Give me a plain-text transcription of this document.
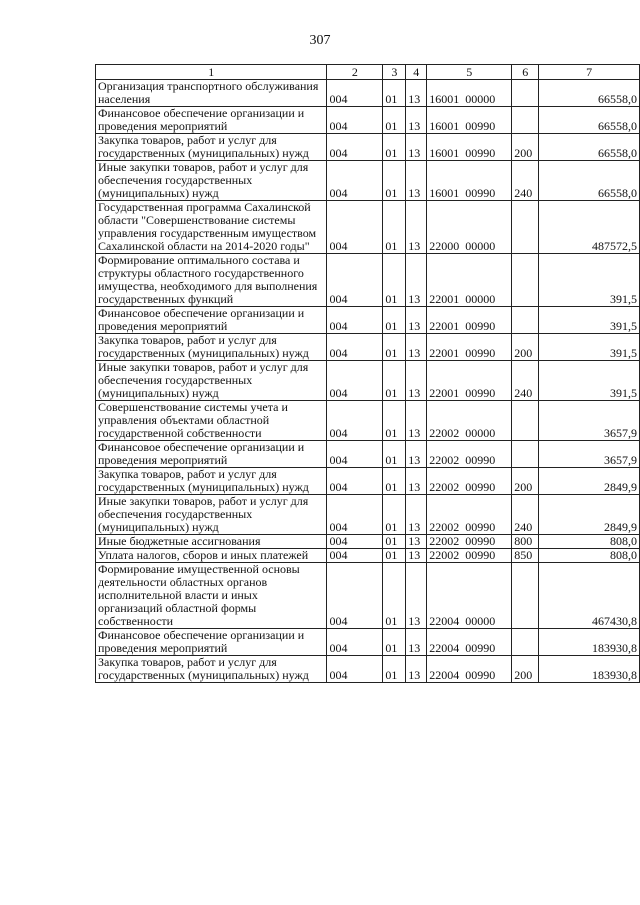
307
1	2	3	4	5	6	7
Организация транспортного обслуживания населения	004	01	13	16001  00000		66558,0
Финансовое обеспечение организации и проведения мероприятий	004	01	13	16001  00990		66558,0
Закупка товаров, работ и услуг для государственных (муниципальных) нужд	004	01	13	16001  00990	200	66558,0
Иные закупки товаров, работ и услуг для обеспечения государственных (муниципальных) нужд	004	01	13	16001  00990	240	66558,0
Государственная программа Сахалинской области "Совершенствование системы управления государственным имуществом Сахалинской области на 2014-2020 годы"	004	01	13	22000  00000		487572,5
Формирование оптимального состава и структуры областного государственного имущества, необходимого для выполнения государственных функций	004	01	13	22001  00000		391,5
Финансовое обеспечение организации и проведения мероприятий	004	01	13	22001  00990		391,5
Закупка товаров, работ и услуг для государственных (муниципальных) нужд	004	01	13	22001  00990	200	391,5
Иные закупки товаров, работ и услуг для обеспечения государственных (муниципальных) нужд	004	01	13	22001  00990	240	391,5
Совершенствование системы учета и управления объектами областной государственной собственности	004	01	13	22002  00000		3657,9
Финансовое обеспечение организации и проведения мероприятий	004	01	13	22002  00990		3657,9
Закупка товаров, работ и услуг для государственных (муниципальных) нужд	004	01	13	22002  00990	200	2849,9
Иные закупки товаров, работ и услуг для обеспечения государственных (муниципальных) нужд	004	01	13	22002  00990	240	2849,9
Иные бюджетные ассигнования	004	01	13	22002  00990	800	808,0
Уплата налогов, сборов и иных платежей	004	01	13	22002  00990	850	808,0
Формирование имущественной основы деятельности областных органов исполнительной власти и иных организаций областной формы собственности	004	01	13	22004  00000		467430,8
Финансовое обеспечение организации и проведения мероприятий	004	01	13	22004  00990		183930,8
Закупка товаров, работ и услуг для государственных (муниципальных) нужд	004	01	13	22004  00990	200	183930,8
